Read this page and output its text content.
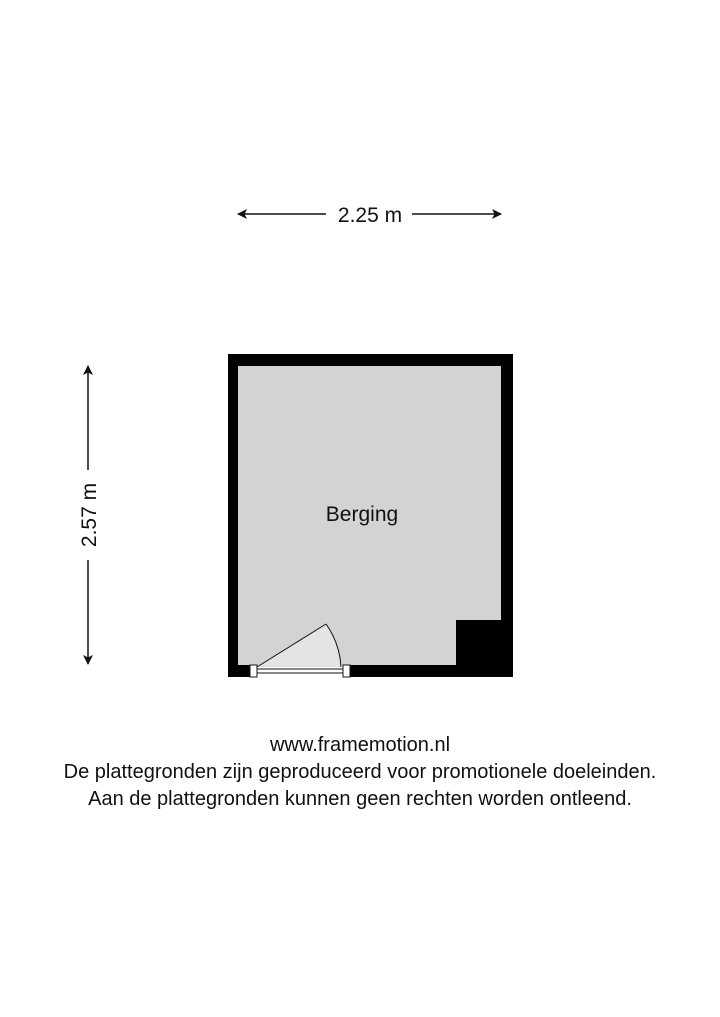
2.25 m
2.57 m	Berging
www.framemotion.nl
De plattegronden zijn geproduceerd voor promotionele doeleinden.
Aan de plattegronden kunnen geen rechten worden ontleend.
